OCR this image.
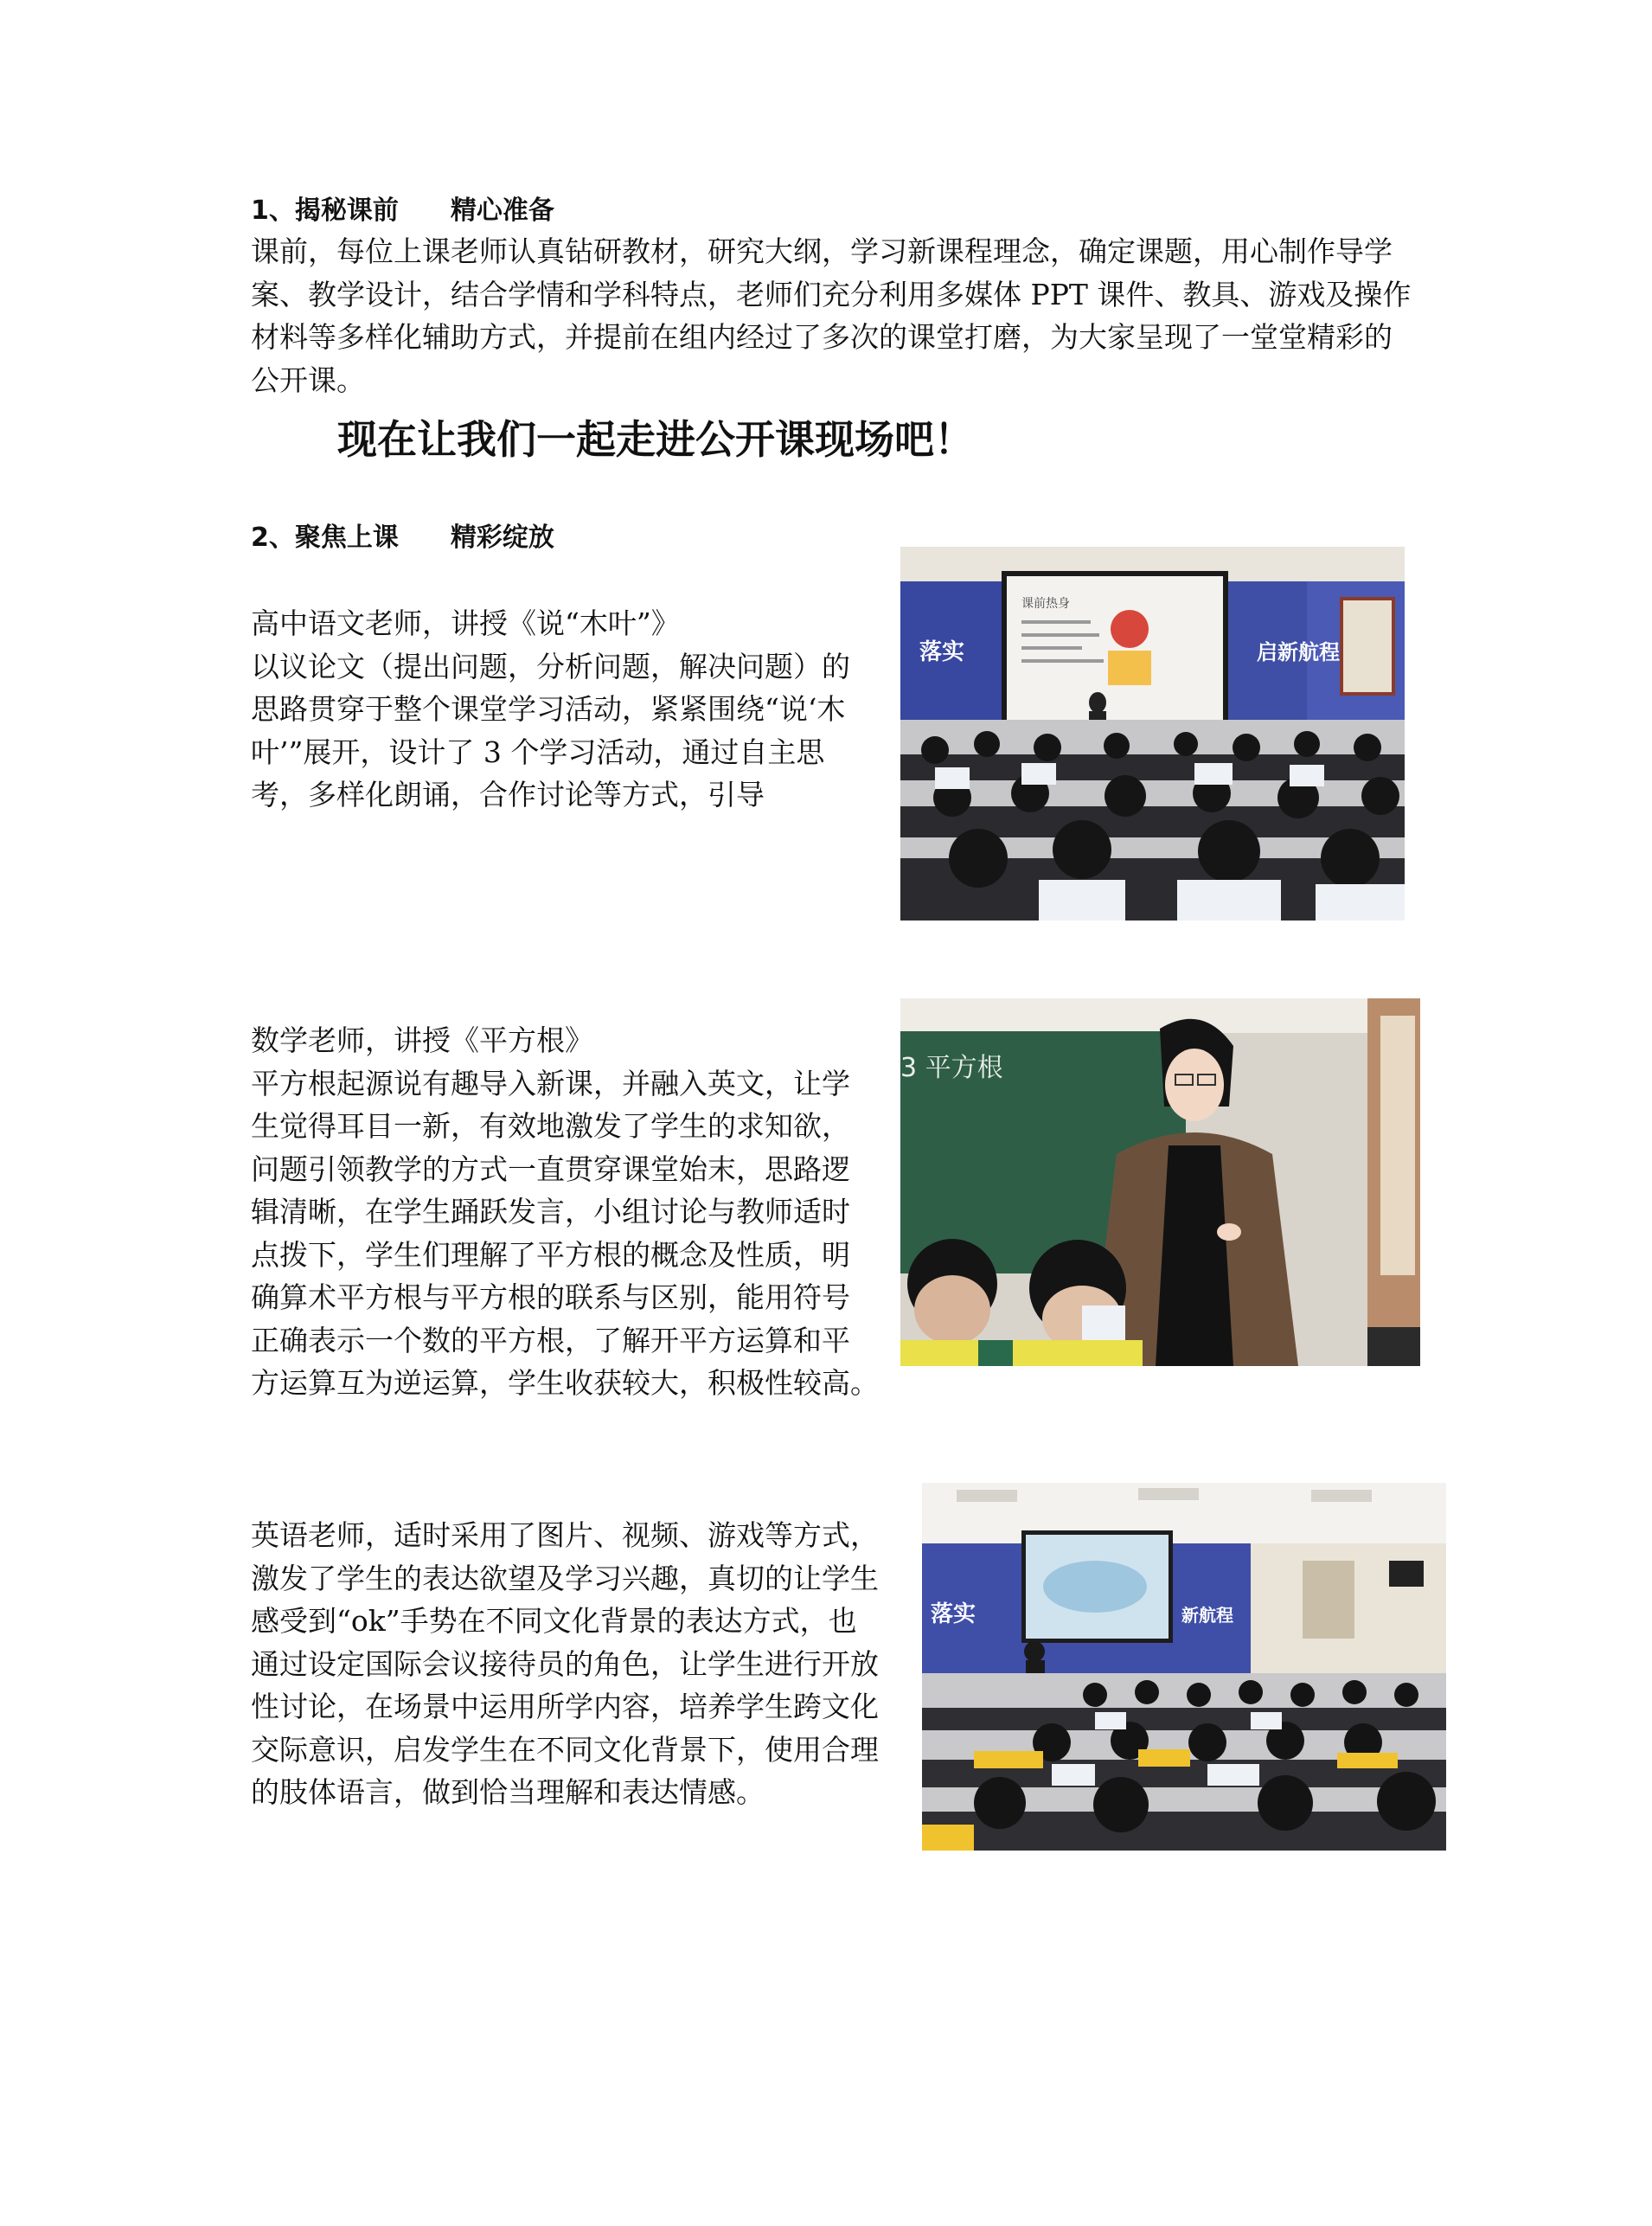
1、揭秘课前　　精心准备

课前，每位上课老师认真钻研教材，研究大纲，学习新课程理念，确定课题，用心制作导学

案、教学设计，结合学情和学科特点，老师们充分利用多媒体 PPT 课件、教具、游戏及操作

材料等多样化辅助方式，并提前在组内经过了多次的课堂打磨，为大家呈现了一堂堂精彩的

公开课。

现在让我们一起走进公开课现场吧！
2、聚焦上课　　精彩绽放

高中语文老师，讲授《说“木叶”》

以议论文（提出问题，分析问题，解决问题）的

思路贯穿于整个课堂学习活动，紧紧围绕“说‘木

叶’”展开，设计了 3 个学习活动，通过自主思

考，多样化朗诵，合作讨论等方式，引导

落实	启新航程
课前热身

数学老师，讲授《平方根》

平方根起源说有趣导入新课，并融入英文，让学

生觉得耳目一新，有效地激发了学生的求知欲，

问题引领教学的方式一直贯穿课堂始末，思路逻

辑清晰，在学生踊跃发言，小组讨论与教师适时

点拨下，学生们理解了平方根的概念及性质，明

确算术平方根与平方根的联系与区别，能用符号

正确表示一个数的平方根，了解开平方运算和平

方运算互为逆运算，学生收获较大，积极性较高。

3 平方根

英语老师，适时采用了图片、视频、游戏等方式，

激发了学生的表达欲望及学习兴趣，真切的让学生

感受到“ok”手势在不同文化背景的表达方式，也

通过设定国际会议接待员的角色，让学生进行开放

性讨论，在场景中运用所学内容，培养学生跨文化

交际意识，启发学生在不同文化背景下，使用合理

的肢体语言，做到恰当理解和表达情感。

落实	新航程
